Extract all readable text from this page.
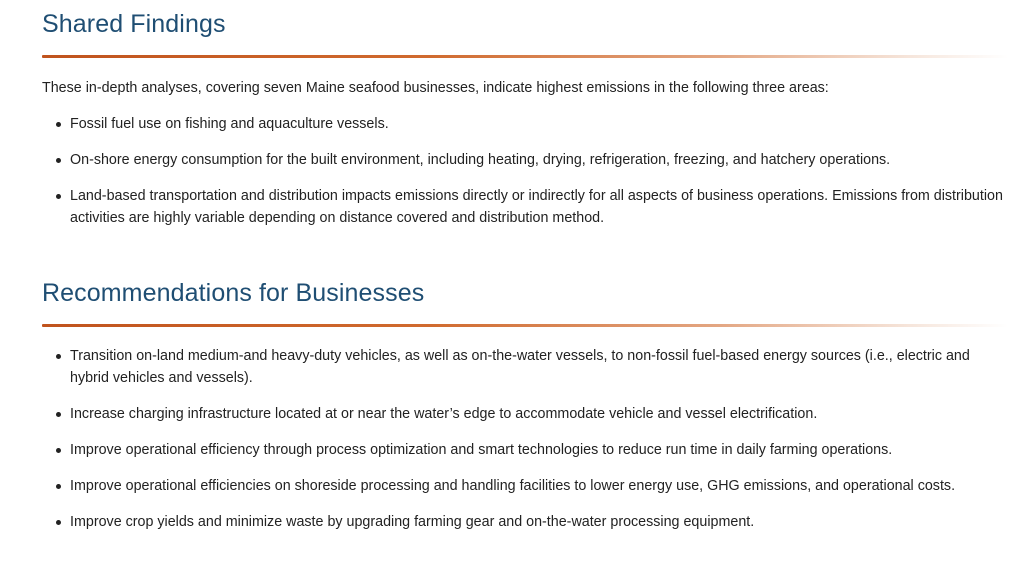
Shared Findings

These in-depth analyses, covering seven Maine seafood businesses, indicate highest emissions in the following three areas:

Fossil fuel use on fishing and aquaculture vessels.
On-shore energy consumption for the built environment, including heating, drying, refrigeration, freezing, and hatchery operations.
Land-based transportation and distribution impacts emissions directly or indirectly for all aspects of business operations. Emissions from distribution activities are highly variable depending on distance covered and distribution method.
Recommendations for Businesses
Transition on-land medium-and heavy-duty vehicles, as well as on-the-water vessels, to non-fossil fuel-based energy sources (i.e., electric and hybrid vehicles and vessels).
Increase charging infrastructure located at or near the water’s edge to accommodate vehicle and vessel electrification.
Improve operational efficiency through process optimization and smart technologies to reduce run time in daily farming operations.
Improve operational efficiencies on shoreside processing and handling facilities to lower energy use, GHG emissions, and operational costs.
Improve crop yields and minimize waste by upgrading farming gear and on-the-water processing equipment.
